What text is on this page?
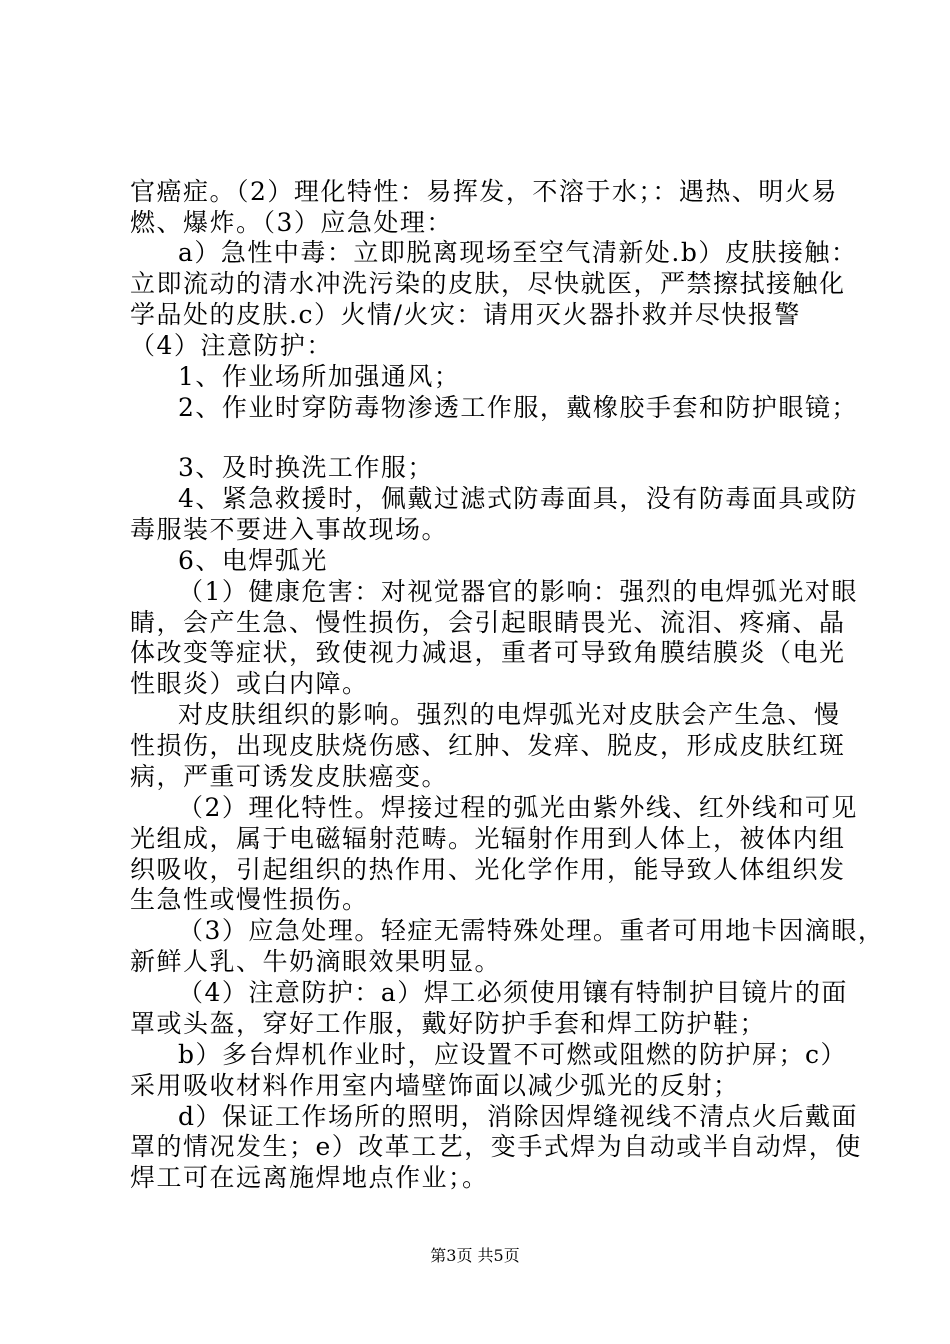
官癌症。（2）理化特性：易挥发，不溶于水；：遇热、明火易
燃、爆炸。（3）应急处理：
a）急性中毒：立即脱离现场至空气清新处.b）皮肤接触：
立即流动的清水冲洗污染的皮肤，尽快就医，严禁擦拭接触化
学品处的皮肤.c）火情/火灾：请用灭火器扑救并尽快报警
（4）注意防护：
1、作业场所加强通风；
2、作业时穿防毒物渗透工作服，戴橡胶手套和防护眼镜；
3、及时换洗工作服；
4、紧急救援时，佩戴过滤式防毒面具，没有防毒面具或防
毒服装不要进入事故现场。
6、电焊弧光
（1）健康危害：对视觉器官的影响：强烈的电焊弧光对眼
睛，会产生急、慢性损伤，会引起眼睛畏光、流泪、疼痛、晶
体改变等症状，致使视力减退，重者可导致角膜结膜炎（电光
性眼炎）或白内障。
对皮肤组织的影响。强烈的电焊弧光对皮肤会产生急、慢
性损伤，出现皮肤烧伤感、红肿、发痒、脱皮，形成皮肤红斑
病，严重可诱发皮肤癌变。
（2）理化特性。焊接过程的弧光由紫外线、红外线和可见
光组成，属于电磁辐射范畴。光辐射作用到人体上，被体内组
织吸收，引起组织的热作用、光化学作用，能导致人体组织发
生急性或慢性损伤。
（3）应急处理。轻症无需特殊处理。重者可用地卡因滴眼，
新鲜人乳、牛奶滴眼效果明显。
（4）注意防护：a）焊工必须使用镶有特制护目镜片的面
罩或头盔，穿好工作服，戴好防护手套和焊工防护鞋；
b）多台焊机作业时，应设置不可燃或阻燃的防护屏；c）
采用吸收材料作用室内墙壁饰面以减少弧光的反射；
d）保证工作场所的照明，消除因焊缝视线不清点火后戴面
罩的情况发生；e）改革工艺，变手式焊为自动或半自动焊，使
焊工可在远离施焊地点作业；。
第3页 共5页
